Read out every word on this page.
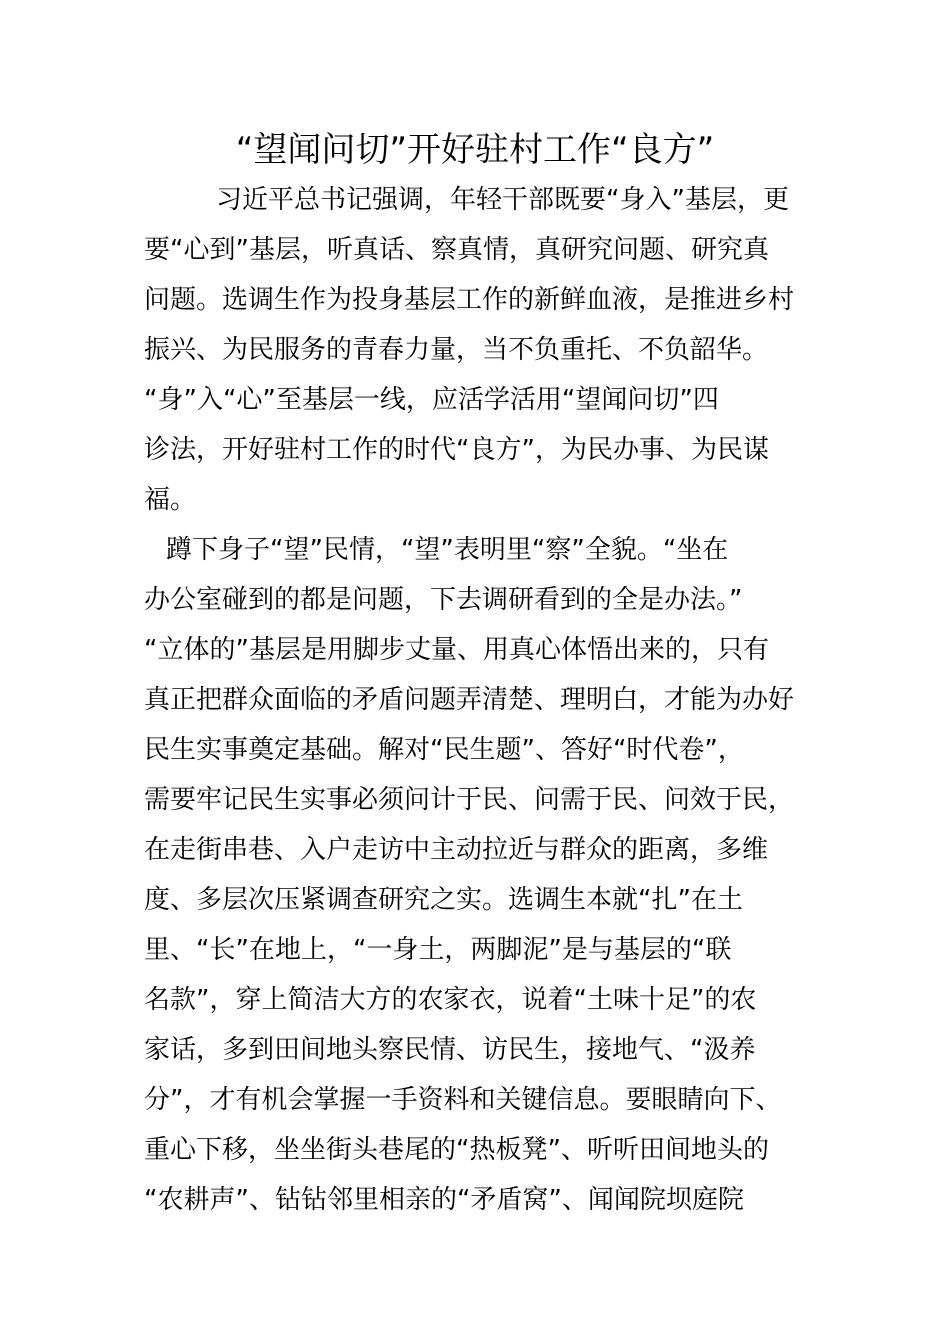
“望闻问切”开好驻村工作“良方”

　习近平总书记强调，年轻干部既要“身入”基层，更

要“心到”基层，听真话、察真情，真研究问题、研究真

问题。选调生作为投身基层工作的新鲜血液，是推进乡村

振兴、为民服务的青春力量，当不负重托、不负韶华。

“身”入“心”至基层一线，应活学活用“望闻问切”四

诊法，开好驻村工作的时代“良方”，为民办事、为民谋

福。

蹲下身子“望”民情，“望”表明里“察”全貌。“坐在

办公室碰到的都是问题，下去调研看到的全是办法。”

“立体的”基层是用脚步丈量、用真心体悟出来的，只有

真正把群众面临的矛盾问题弄清楚、理明白，才能为办好

民生实事奠定基础。解对“民生题”、答好“时代卷”，

需要牢记民生实事必须问计于民、问需于民、问效于民，

在走街串巷、入户走访中主动拉近与群众的距离，多维

度、多层次压紧调查研究之实。选调生本就“扎”在土

里、“长”在地上，“一身土，两脚泥”是与基层的“联

名款”，穿上简洁大方的农家衣，说着“土味十足”的农

家话，多到田间地头察民情、访民生，接地气、“汲养

分”，才有机会掌握一手资料和关键信息。要眼睛向下、

重心下移，坐坐街头巷尾的“热板凳”、听听田间地头的

“农耕声”、钻钻邻里相亲的“矛盾窝”、闻闻院坝庭院
